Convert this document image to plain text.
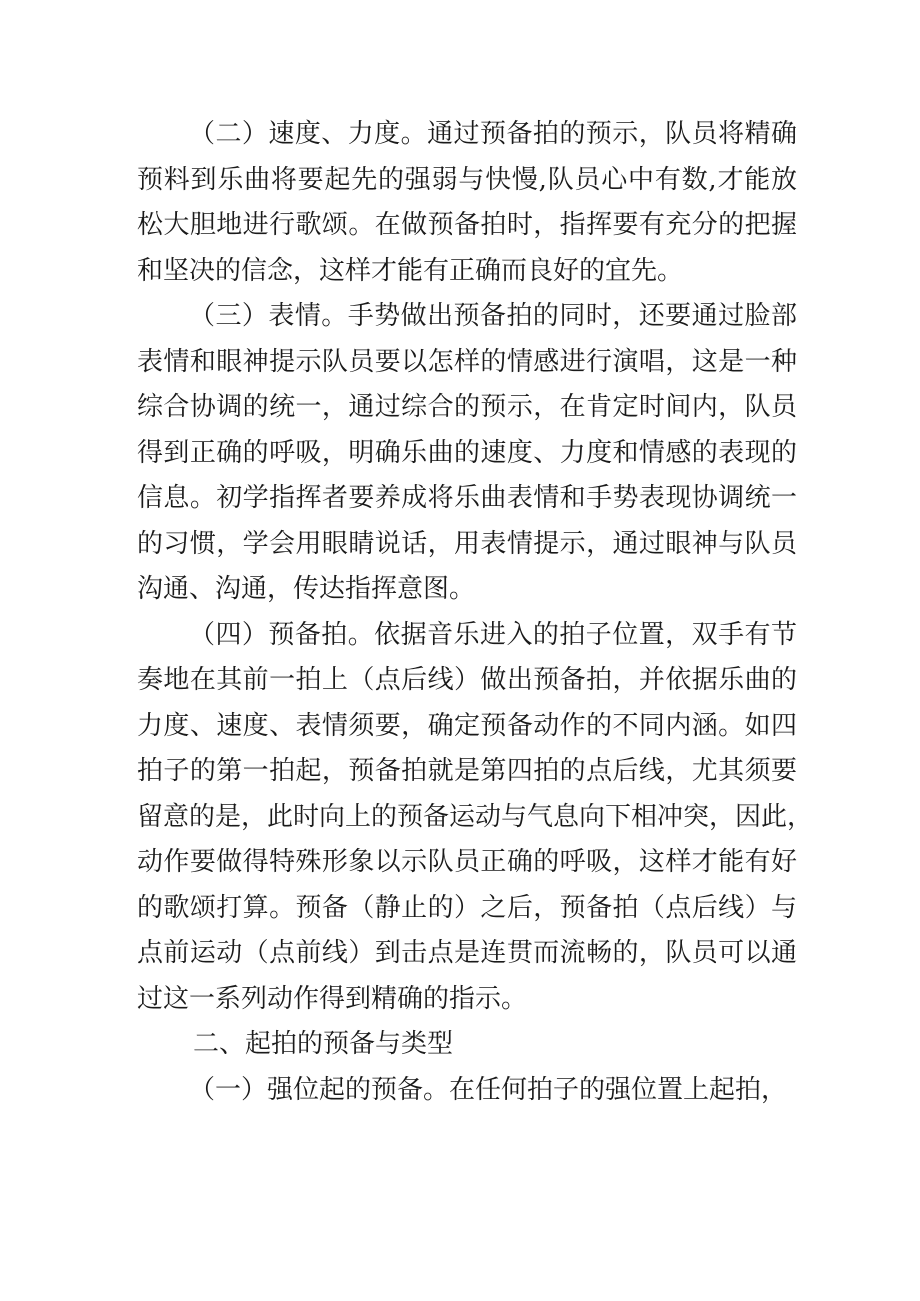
（二）速度、力度。通过预备拍的预示，队员将精确
预料到乐曲将要起先的强弱与快慢,队员心中有数,才能放
松大胆地进行歌颂。在做预备拍时，指挥要有充分的把握
和坚决的信念，这样才能有正确而良好的宜先。
（三）表情。手势做出预备拍的同时，还要通过脸部
表情和眼神提示队员要以怎样的情感进行演唱，这是一种
综合协调的统一，通过综合的预示，在肯定时间内，队员
得到正确的呼吸，明确乐曲的速度、力度和情感的表现的
信息。初学指挥者要养成将乐曲表情和手势表现协调统一
的习惯，学会用眼睛说话，用表情提示，通过眼神与队员
沟通、沟通，传达指挥意图。
（四）预备拍。依据音乐进入的拍子位置，双手有节
奏地在其前一拍上（点后线）做出预备拍，并依据乐曲的
力度、速度、表情须要，确定预备动作的不同内涵。如四
拍子的第一拍起，预备拍就是第四拍的点后线，尤其须要
留意的是，此时向上的预备运动与气息向下相冲突，因此，
动作要做得特殊形象以示队员正确的呼吸，这样才能有好
的歌颂打算。预备（静止的）之后，预备拍（点后线）与
点前运动（点前线）到击点是连贯而流畅的，队员可以通
过这一系列动作得到精确的指示。
二、起拍的预备与类型
（一）强位起的预备。在任何拍子的强位置上起拍，
